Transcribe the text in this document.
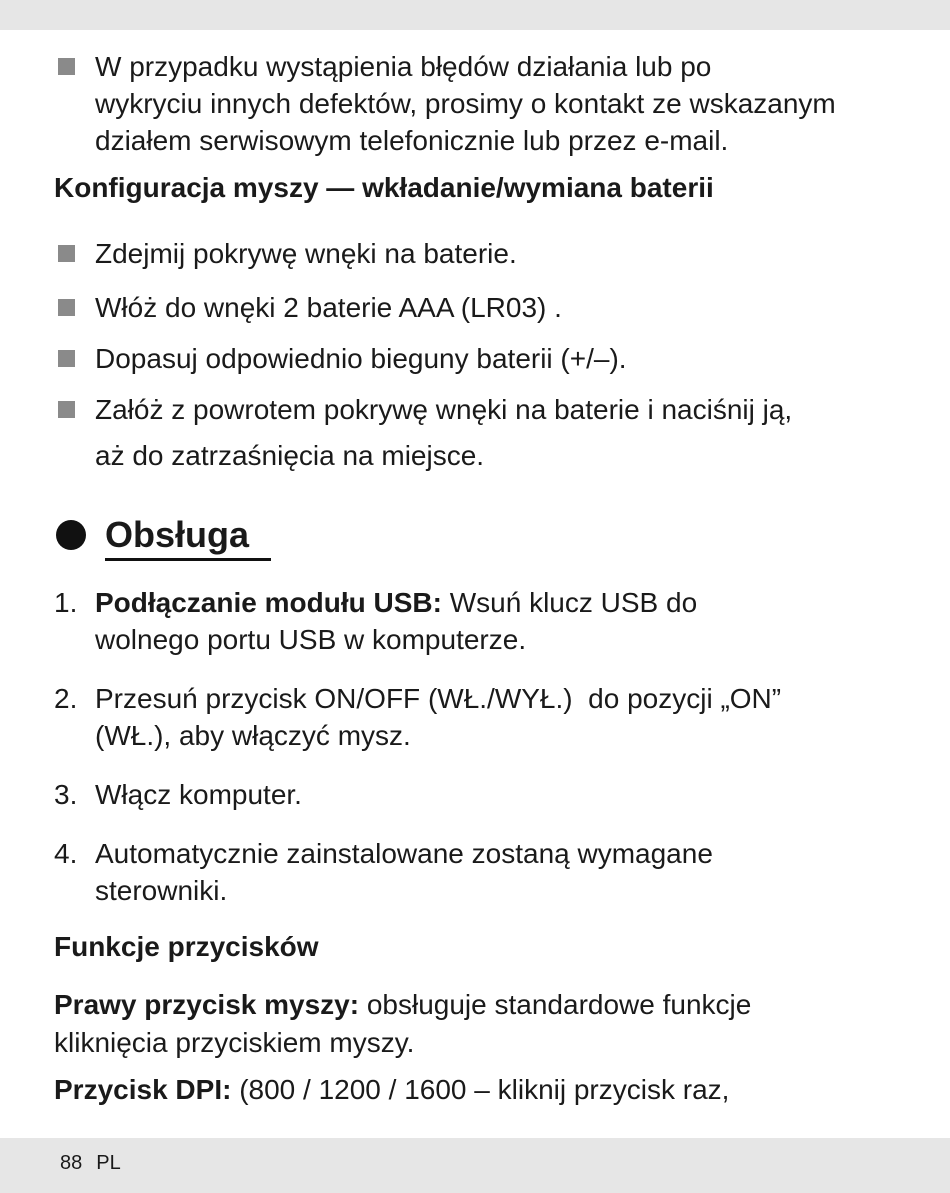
W przypadku wystąpienia błędów działania lub po
wykryciu innych defektów, prosimy o kontakt ze wskazanym
działem serwisowym telefonicznie lub przez e-mail.
Konfiguracja myszy — wkładanie/wymiana baterii
Zdejmij pokrywę wnęki na baterie.
Włóż do wnęki 2 baterie AAA (LR03) .
Dopasuj odpowiednio bieguny baterii (+/–).
Załóż z powrotem pokrywę wnęki na baterie i naciśnij ją,
aż do zatrzaśnięcia na miejsce.
Obsługa
1. Podłączanie modułu USB: Wsuń klucz USB do
wolnego portu USB w komputerze.
2. Przesuń przycisk ON/OFF (WŁ./WYŁ.)  do pozycji „ON”
(WŁ.), aby włączyć mysz.
3. Włącz komputer.
4. Automatycznie zainstalowane zostaną wymagane
sterowniki.
Funkcje przycisków
Prawy przycisk myszy: obsługuje standardowe funkcje
kliknięcia przyciskiem myszy.
Przycisk DPI: (800 / 1200 / 1600 – kliknij przycisk raz,
88 PL
